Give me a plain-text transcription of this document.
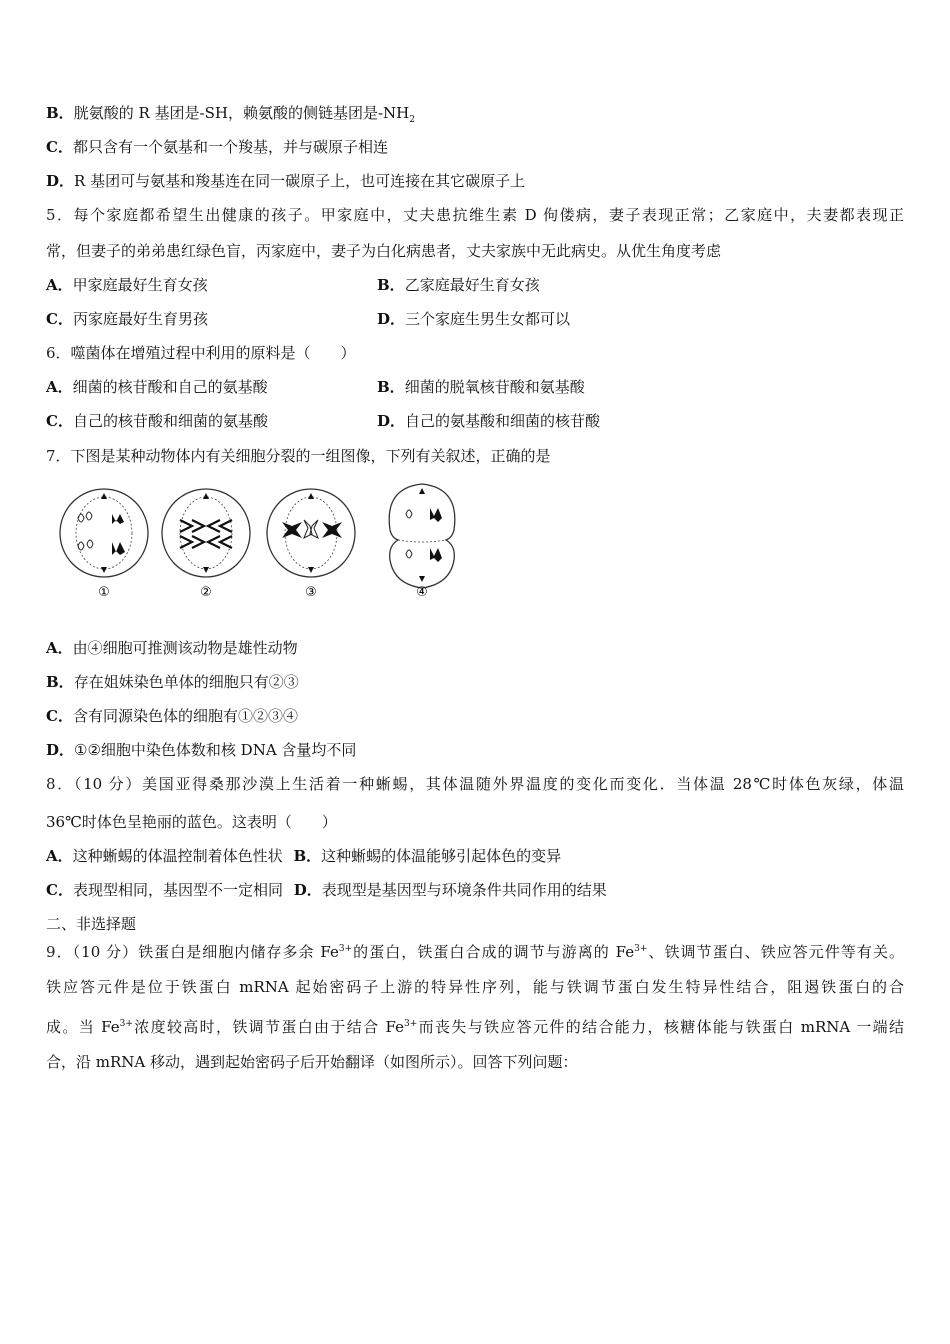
B．胱氨酸的 R 基团是-SH，赖氨酸的侧链基团是$-NH_2$
C．都只含有一个氨基和一个羧基，并与碳原子相连
D．R 基团可与氨基和羧基连在同一碳原子上，也可连接在其它碳原子上
5．每个家庭都希望生出健康的孩子。甲家庭中，丈夫患抗维生素 D 佝偻病，妻子表现正常；乙家庭中，夫妻都表现正
常，但妻子的弟弟患红绿色盲，丙家庭中，妻子为白化病患者，丈夫家族中无此病史。从优生角度考虑
A．甲家庭最好生育女孩	B．乙家庭最好生育女孩
C．丙家庭最好生育男孩	D．三个家庭生男生女都可以
6．噬菌体在增殖过程中利用的原料是（　　）
A．细菌的核苷酸和自己的氨基酸	B．细菌的脱氧核苷酸和氨基酸
C．自己的核苷酸和细菌的氨基酸	D．自己的氨基酸和细菌的核苷酸
7．下图是某种动物体内有关细胞分裂的一组图像，下列有关叙述，正确的是
①	②	③	④
A．由④细胞可推测该动物是雄性动物
B．存在姐妹染色单体的细胞只有②③
C．含有同源染色体的细胞有①②③④
D．①②细胞中染色体数和核 DNA 含量均不同
8．（10 分）美国亚得桑那沙漠上生活着一种蜥蜴，其体温随外界温度的变化而变化．当体温 28℃时体色灰绿，体温
36℃时体色呈艳丽的蓝色。这表明（　　）
A．这种蜥蜴的体温控制着体色性状 B．这种蜥蜴的体温能够引起体色的变异
C．表现型相同，基因型不一定相同 D．表现型是基因型与环境条件共同作用的结果
二、非选择题
9．（10 分）铁蛋白是细胞内储存多余 $Fe^{3+}$的蛋白，铁蛋白合成的调节与游离的 $Fe^{3+}$、铁调节蛋白、铁应答元件等有关。
铁应答元件是位于铁蛋白 mRNA 起始密码子上游的特异性序列，能与铁调节蛋白发生特异性结合，阻遏铁蛋白的合
成。当 $Fe^{3+}$浓度较高时，铁调节蛋白由于结合 $Fe^{3+}$而丧失与铁应答元件的结合能力，核糖体能与铁蛋白 mRNA 一端结
合，沿 mRNA 移动，遇到起始密码子后开始翻译（如图所示）。回答下列问题：
